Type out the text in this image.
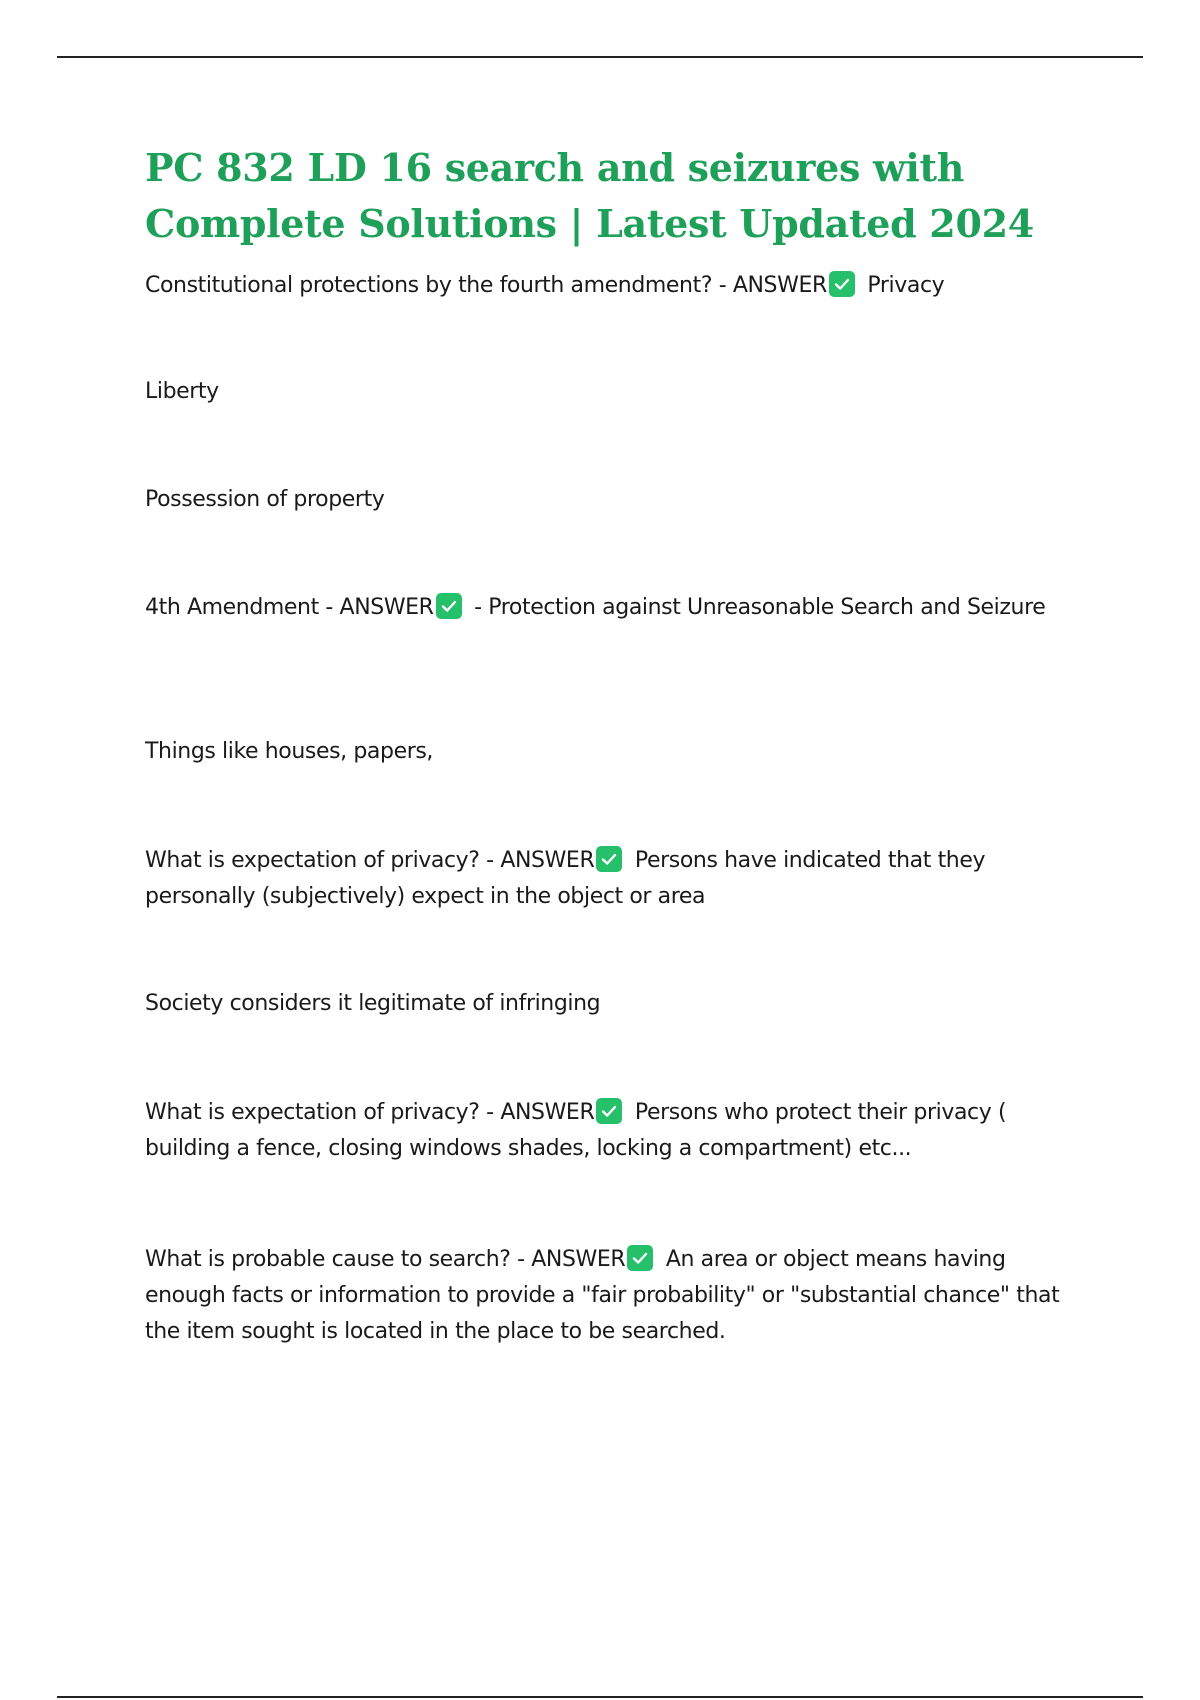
PC 832 LD 16 search and seizures with Complete Solutions | Latest Updated 2024

Constitutional protections by the fourth amendment? - ANSWER
Privacy

Liberty

Possession of property

4th Amendment - ANSWER
- Protection against Unreasonable Search and Seizure

Things like houses, papers,

What is expectation of privacy? - ANSWER
Persons have indicated that they personally (subjectively) expect in the object or area

Society considers it legitimate of infringing

What is expectation of privacy? - ANSWER
Persons who protect their privacy ( building a fence, closing windows shades, locking a compartment) etc...

What is probable cause to search? - ANSWER
An area or object means having enough facts or information to provide a "fair probability" or "substantial chance" that the item sought is located in the place to be searched.
